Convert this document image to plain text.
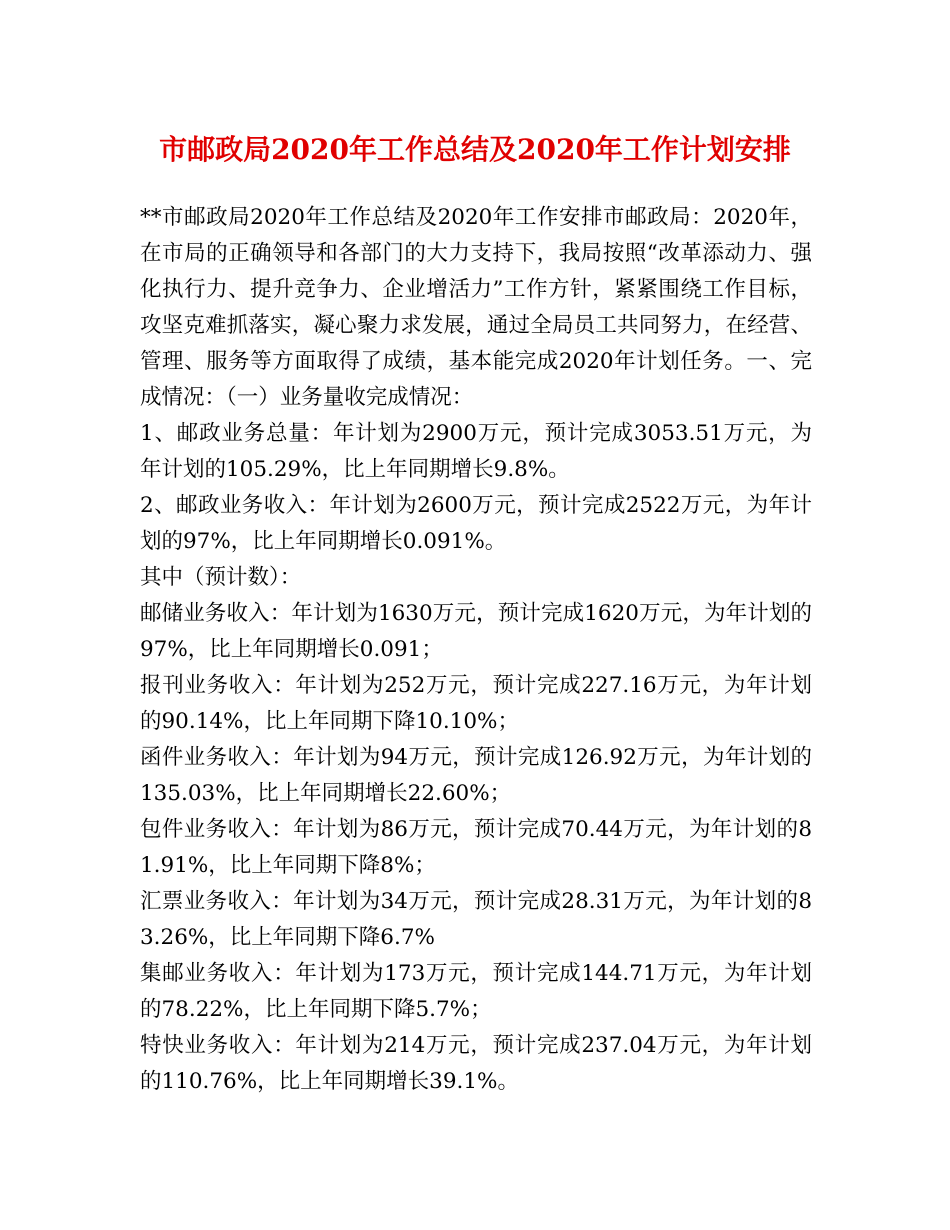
市邮政局2020年工作总结及2020年工作计划安排

**市邮政局2020年工作总结及2020年工作安排市邮政局：2020年，在市局的正确领导和各部门的大力支持下，我局按照“改革添动力、强化执行力、提升竞争力、企业增活力”工作方针，紧紧围绕工作目标，攻坚克难抓落实，凝心聚力求发展，通过全局员工共同努力，在经营、管理、服务等方面取得了成绩，基本能完成2020年计划任务。一、完成情况：（一）业务量收完成情况：

1、邮政业务总量：年计划为2900万元，预计完成3053.51万元，为年计划的105.29%，比上年同期增长9.8%。

2、邮政业务收入：年计划为2600万元，预计完成2522万元，为年计划的97%，比上年同期增长0.091%。

其中（预计数）：

邮储业务收入：年计划为1630万元，预计完成1620万元，为年计划的97%，比上年同期增长0.091；

报刊业务收入：年计划为252万元，预计完成227.16万元，为年计划的90.14%，比上年同期下降10.10%；

函件业务收入：年计划为94万元，预计完成126.92万元，为年计划的135.03%，比上年同期增长22.60%；

包件业务收入：年计划为86万元，预计完成70.44万元，为年计划的81.91%，比上年同期下降8%；

汇票业务收入：年计划为34万元，预计完成28.31万元，为年计划的83.26%，比上年同期下降6.7%

集邮业务收入：年计划为173万元，预计完成144.71万元，为年计划的78.22%，比上年同期下降5.7%；

特快业务收入：年计划为214万元，预计完成237.04万元，为年计划的110.76%，比上年同期增长39.1%。
